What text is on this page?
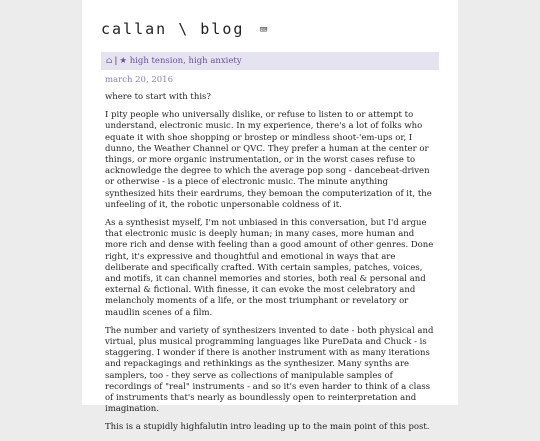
callan \ blog ⌨
⌂ | ★ high tension, high anxiety
march 20, 2016

where to start with this?

I pity people who universally dislike, or refuse to listen to or attempt to understand, electronic music. In my experience, there's a lot of folks who equate it with shoe shopping or brostep or mindless shoot-'em-ups or, I dunno, the Weather Channel or QVC. They prefer a human at the center or things, or more organic instrumentation, or in the worst cases refuse to acknowledge the degree to which the average pop song - dancebeat-driven or otherwise - is a piece of electronic music. The minute anything synthesized hits their eardrums, they bemoan the computerization of it, the unfeeling of it, the robotic unpersonable coldness of it.

As a synthesist myself, I'm not unbiased in this conversation, but I'd argue that electronic music is deeply human; in many cases, more human and more rich and dense with feeling than a good amount of other genres. Done right, it's expressive and thoughtful and emotional in ways that are deliberate and specifically crafted. With certain samples, patches, voices, and motifs, it can channel memories and stories, both real & personal and external & fictional. With finesse, it can evoke the most celebratory and melancholy moments of a life, or the most triumphant or revelatory or maudlin scenes of a film.

The number and variety of synthesizers invented to date - both physical and virtual, plus musical programming languages like PureData and Chuck - is staggering. I wonder if there is another instrument with as many iterations and repackagings and rethinkings as the synthesizer. Many synths are samplers, too - they serve as collections of manipulable samples of recordings of "real" instruments - and so it's even harder to think of a class of instruments that's nearly as boundlessly open to reinterpretation and imagination.

This is a stupidly highfalutin intro leading up to the main point of this post.
